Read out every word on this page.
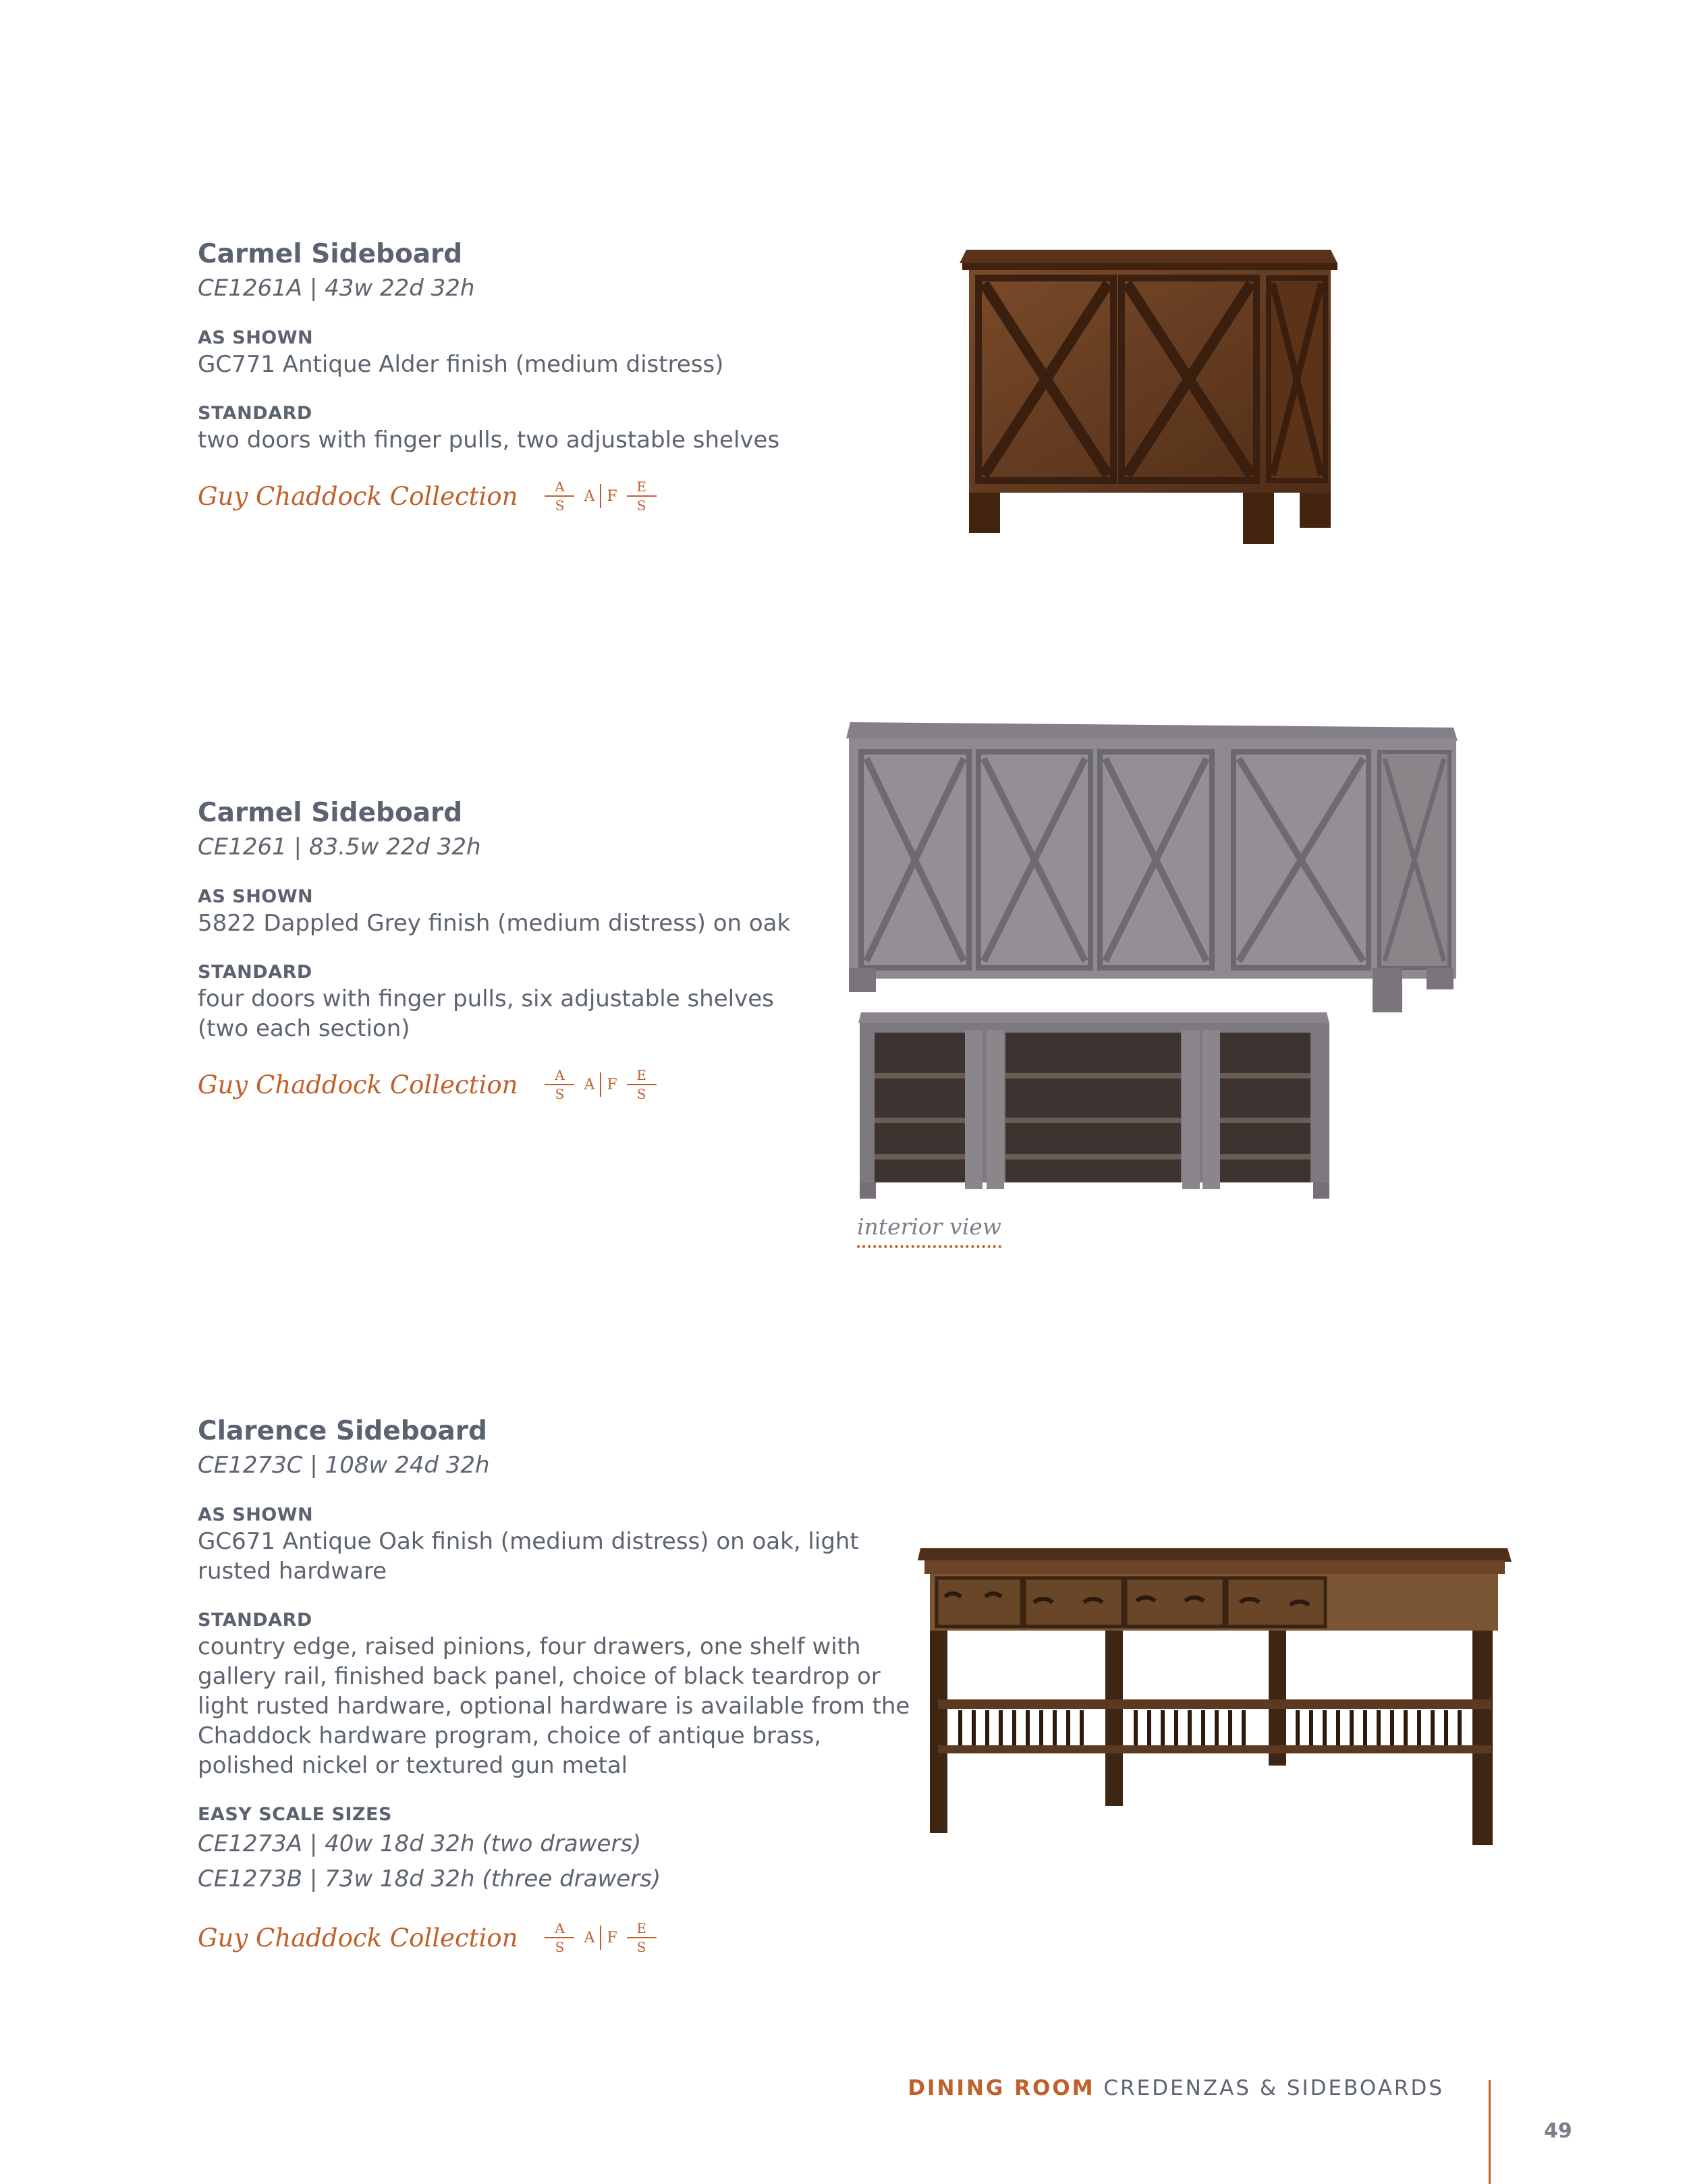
Carmel Sideboard
CE1261A | 43w 22d 32h
AS SHOWN
GC771 Antique Alder finish (medium distress)
STANDARD
two doors with finger pulls, two adjustable shelves
Guy Chaddock Collection $\frac{A}{S}$ A F $\frac{E}{S}$
Carmel Sideboard
CE1261 | 83.5w 22d 32h
AS SHOWN
5822 Dappled Grey finish (medium distress) on oak
STANDARD
four doors with finger pulls, six adjustable shelves (two each section)
Guy Chaddock Collection $\frac{A}{S}$ A F $\frac{E}{S}$
interior view
Clarence Sideboard
CE1273C | 108w 24d 32h
AS SHOWN
GC671 Antique Oak finish (medium distress) on oak, light rusted hardware
STANDARD
country edge, raised pinions, four drawers, one shelf with gallery rail, finished back panel, choice of black teardrop or light rusted hardware, optional hardware is available from the Chaddock hardware program, choice of antique brass, polished nickel or textured gun metal
EASY SCALE SIZES
CE1273A | 40w 18d 32h (two drawers)
CE1273B | 73w 18d 32h (three drawers)
Guy Chaddock Collection $\frac{A}{S}$ A F $\frac{E}{S}$
DINING ROOM CREDENZAS & SIDEBOARDS
49
